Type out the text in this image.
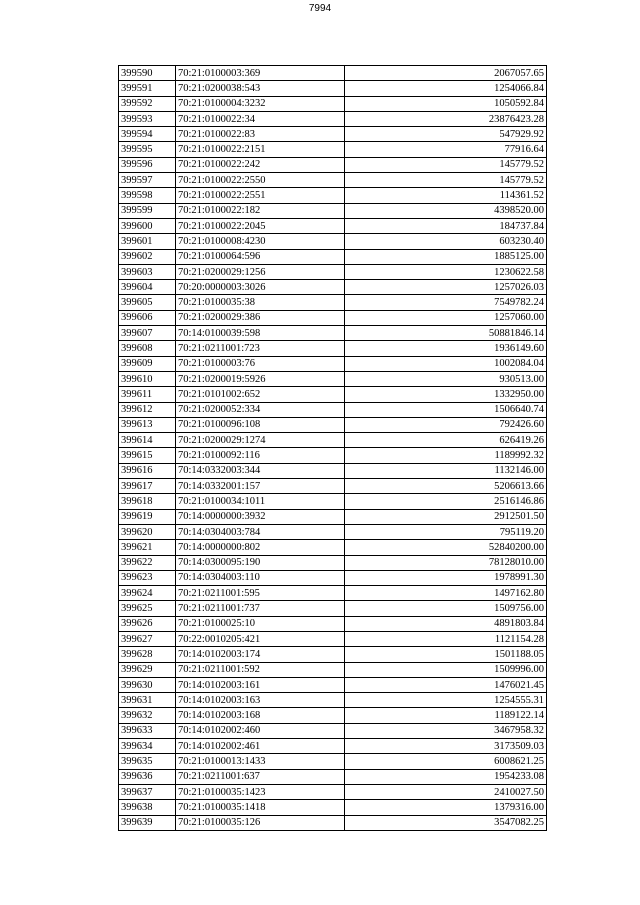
7994
399590	70:21:0100003:369	2067057.65
399591	70:21:0200038:543	1254066.84
399592	70:21:0100004:3232	1050592.84
399593	70:21:0100022:34	23876423.28
399594	70:21:0100022:83	547929.92
399595	70:21:0100022:2151	77916.64
399596	70:21:0100022:242	145779.52
399597	70:21:0100022:2550	145779.52
399598	70:21:0100022:2551	114361.52
399599	70:21:0100022:182	4398520.00
399600	70:21:0100022:2045	184737.84
399601	70:21:0100008:4230	603230.40
399602	70:21:0100064:596	1885125.00
399603	70:21:0200029:1256	1230622.58
399604	70:20:0000003:3026	1257026.03
399605	70:21:0100035:38	7549782.24
399606	70:21:0200029:386	1257060.00
399607	70:14:0100039:598	50881846.14
399608	70:21:0211001:723	1936149.60
399609	70:21:0100003:76	1002084.04
399610	70:21:0200019:5926	930513.00
399611	70:21:0101002:652	1332950.00
399612	70:21:0200052:334	1506640.74
399613	70:21:0100096:108	792426.60
399614	70:21:0200029:1274	626419.26
399615	70:21:0100092:116	1189992.32
399616	70:14:0332003:344	1132146.00
399617	70:14:0332001:157	5206613.66
399618	70:21:0100034:1011	2516146.86
399619	70:14:0000000:3932	2912501.50
399620	70:14:0304003:784	795119.20
399621	70:14:0000000:802	52840200.00
399622	70:14:0300095:190	78128010.00
399623	70:14:0304003:110	1978991.30
399624	70:21:0211001:595	1497162.80
399625	70:21:0211001:737	1509756.00
399626	70:21:0100025:10	4891803.84
399627	70:22:0010205:421	1121154.28
399628	70:14:0102003:174	1501188.05
399629	70:21:0211001:592	1509996.00
399630	70:14:0102003:161	1476021.45
399631	70:14:0102003:163	1254555.31
399632	70:14:0102003:168	1189122.14
399633	70:14:0102002:460	3467958.32
399634	70:14:0102002:461	3173509.03
399635	70:21:0100013:1433	6008621.25
399636	70:21:0211001:637	1954233.08
399637	70:21:0100035:1423	2410027.50
399638	70:21:0100035:1418	1379316.00
399639	70:21:0100035:126	3547082.25
